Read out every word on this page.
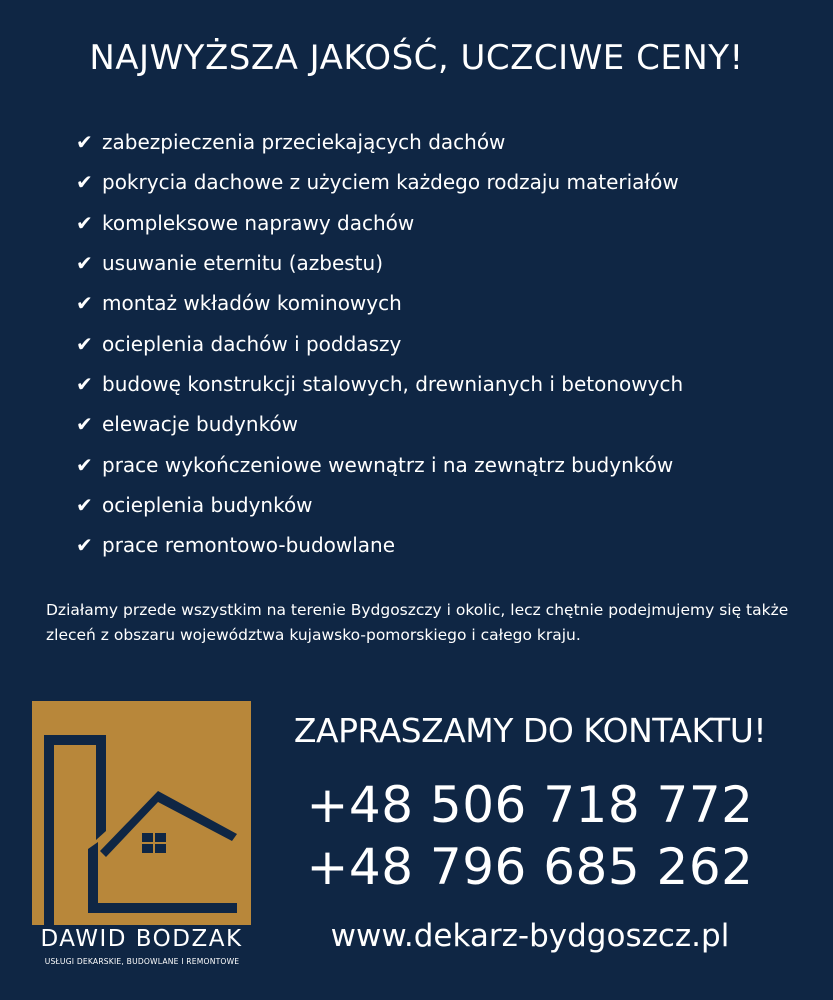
NAJWYŻSZA JAKOŚĆ, UCZCIWE CENY!
✔ zabezpieczenia przeciekających dachów
✔ pokrycia dachowe z użyciem każdego rodzaju materiałów
✔ kompleksowe naprawy dachów
✔ usuwanie eternitu (azbestu)
✔ montaż wkładów kominowych
✔ ocieplenia dachów i poddaszy
✔ budowę konstrukcji stalowych, drewnianych i betonowych
✔ elewacje budynków
✔ prace wykończeniowe wewnątrz i na zewnątrz budynków
✔ ocieplenia budynków
✔ prace remontowo-budowlane

Działamy przede wszystkim na terenie Bydgoszczy i okolic, lecz chętnie podejmujemy się także zleceń z obszaru województwa kujawsko-pomorskiego i całego kraju.

DAWID BODZAK

USŁUGI DEKARSKIE, BUDOWLANE I REMONTOWE

ZAPRASZAMY DO KONTAKTU!

+48 506 718 772

+48 796 685 262

www.dekarz-bydgoszcz.pl
